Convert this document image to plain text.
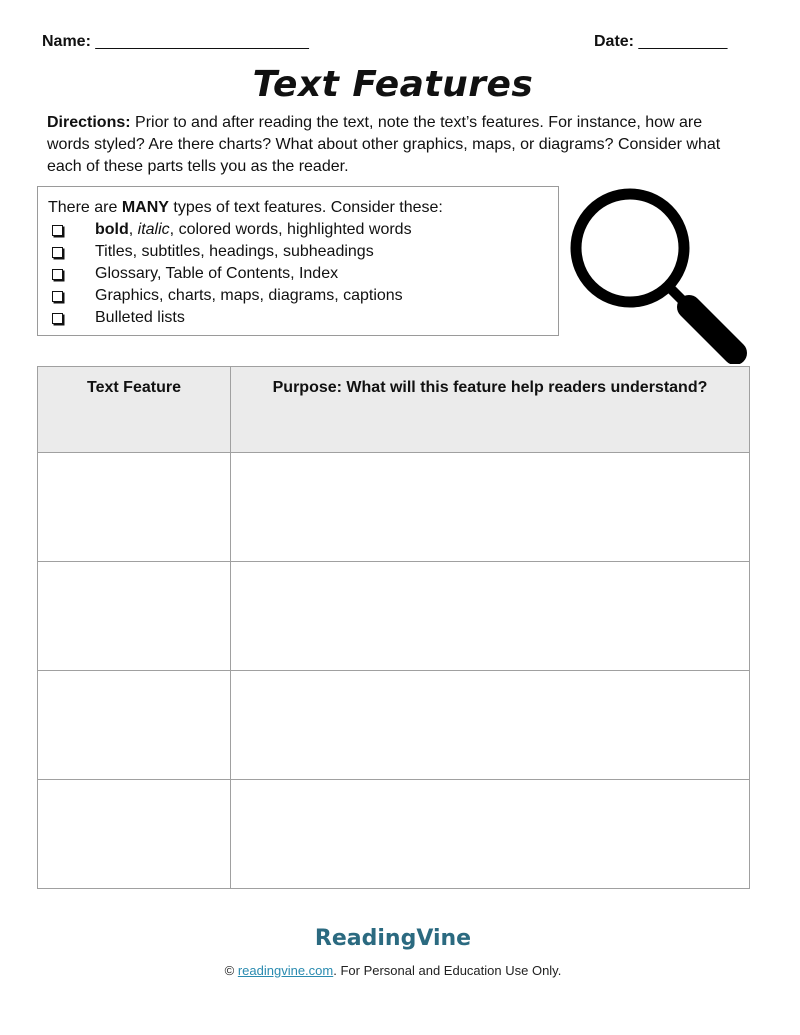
Name: ________________________	Date: __________
Text Features
Directions: Prior to and after reading the text, note the text’s features. For instance, how are words styled? Are there charts? What about other graphics, maps, or diagrams? Consider what each of these parts tells you as the reader.
There are MANY types of text features. Consider these:
bold, italic, colored words, highlighted words
Titles, subtitles, headings, subheadings
Glossary, Table of Contents, Index
Graphics, charts, maps, diagrams, captions
Bulleted lists
Text Feature	Purpose: What will this feature help readers understand?

ReadingVine
© readingvine.com. For Personal and Education Use Only.
